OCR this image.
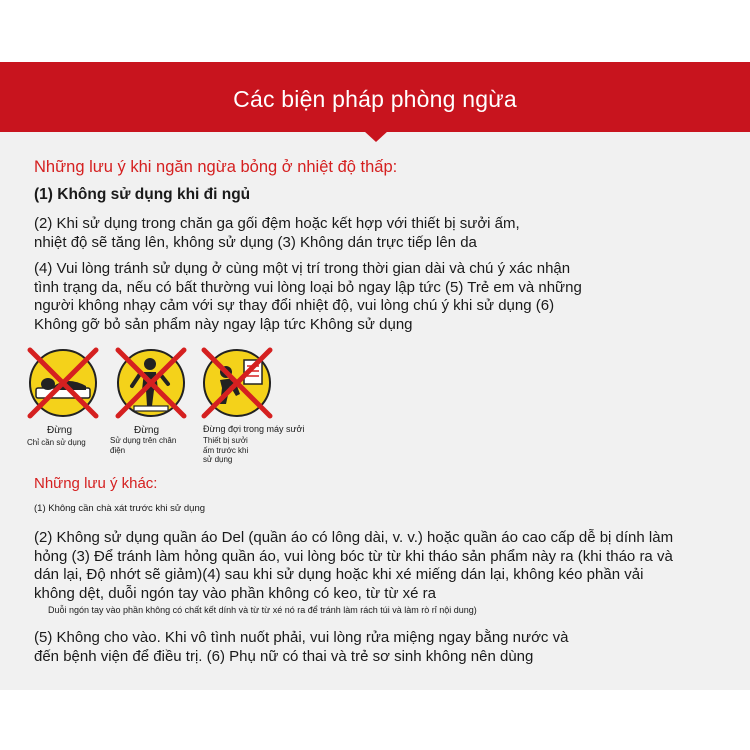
Các biện pháp phòng ngừa
Những lưu ý khi ngăn ngừa bỏng ở nhiệt độ thấp:
(1) Không sử dụng khi đi ngủ
(2) Khi sử dụng trong chăn ga gối đệm hoặc kết hợp với thiết bị sưởi ấm,
nhiệt độ sẽ tăng lên, không sử dụng (3) Không dán trực tiếp lên da
(4) Vui lòng tránh sử dụng ở cùng một vị trí trong thời gian dài và chú ý xác nhận
tình trạng da, nếu có bất thường vui lòng loại bỏ ngay lập tức (5) Trẻ em và những
người không nhạy cảm với sự thay đổi nhiệt độ, vui lòng chú ý khi sử dụng (6)
Không gỡ bỏ sản phẩm này ngay lập tức Không sử dụng
Đừng
Chỉ cần sử dụng
Đừng
Sử dụng trên chân
điện
Đừng đợi trong máy sưởi
Thiết bị sưởi
ấm trước khi
sử dụng
Những lưu ý khác:
(1) Không cần chà xát trước khi sử dụng
(2) Không sử dụng quần áo Del (quần áo có lông dài, v. v.) hoặc quần áo cao cấp dễ bị dính làm
hỏng (3) Để tránh làm hỏng quần áo, vui lòng bóc từ từ khi tháo sản phẩm này ra (khi tháo ra và
dán lại, Độ nhớt sẽ giảm)(4) sau khi sử dụng hoặc khi xé miếng dán lại, không kéo phần vải
không dệt, duỗi ngón tay vào phần không có keo, từ từ xé ra
Duỗi ngón tay vào phần không có chất kết dính và từ từ xé nó ra để tránh làm rách túi và làm rò rỉ nội dung)
(5) Không cho vào. Khi vô tình nuốt phải, vui lòng rửa miệng ngay bằng nước và
đến bệnh viện để điều trị. (6) Phụ nữ có thai và trẻ sơ sinh không nên dùng
